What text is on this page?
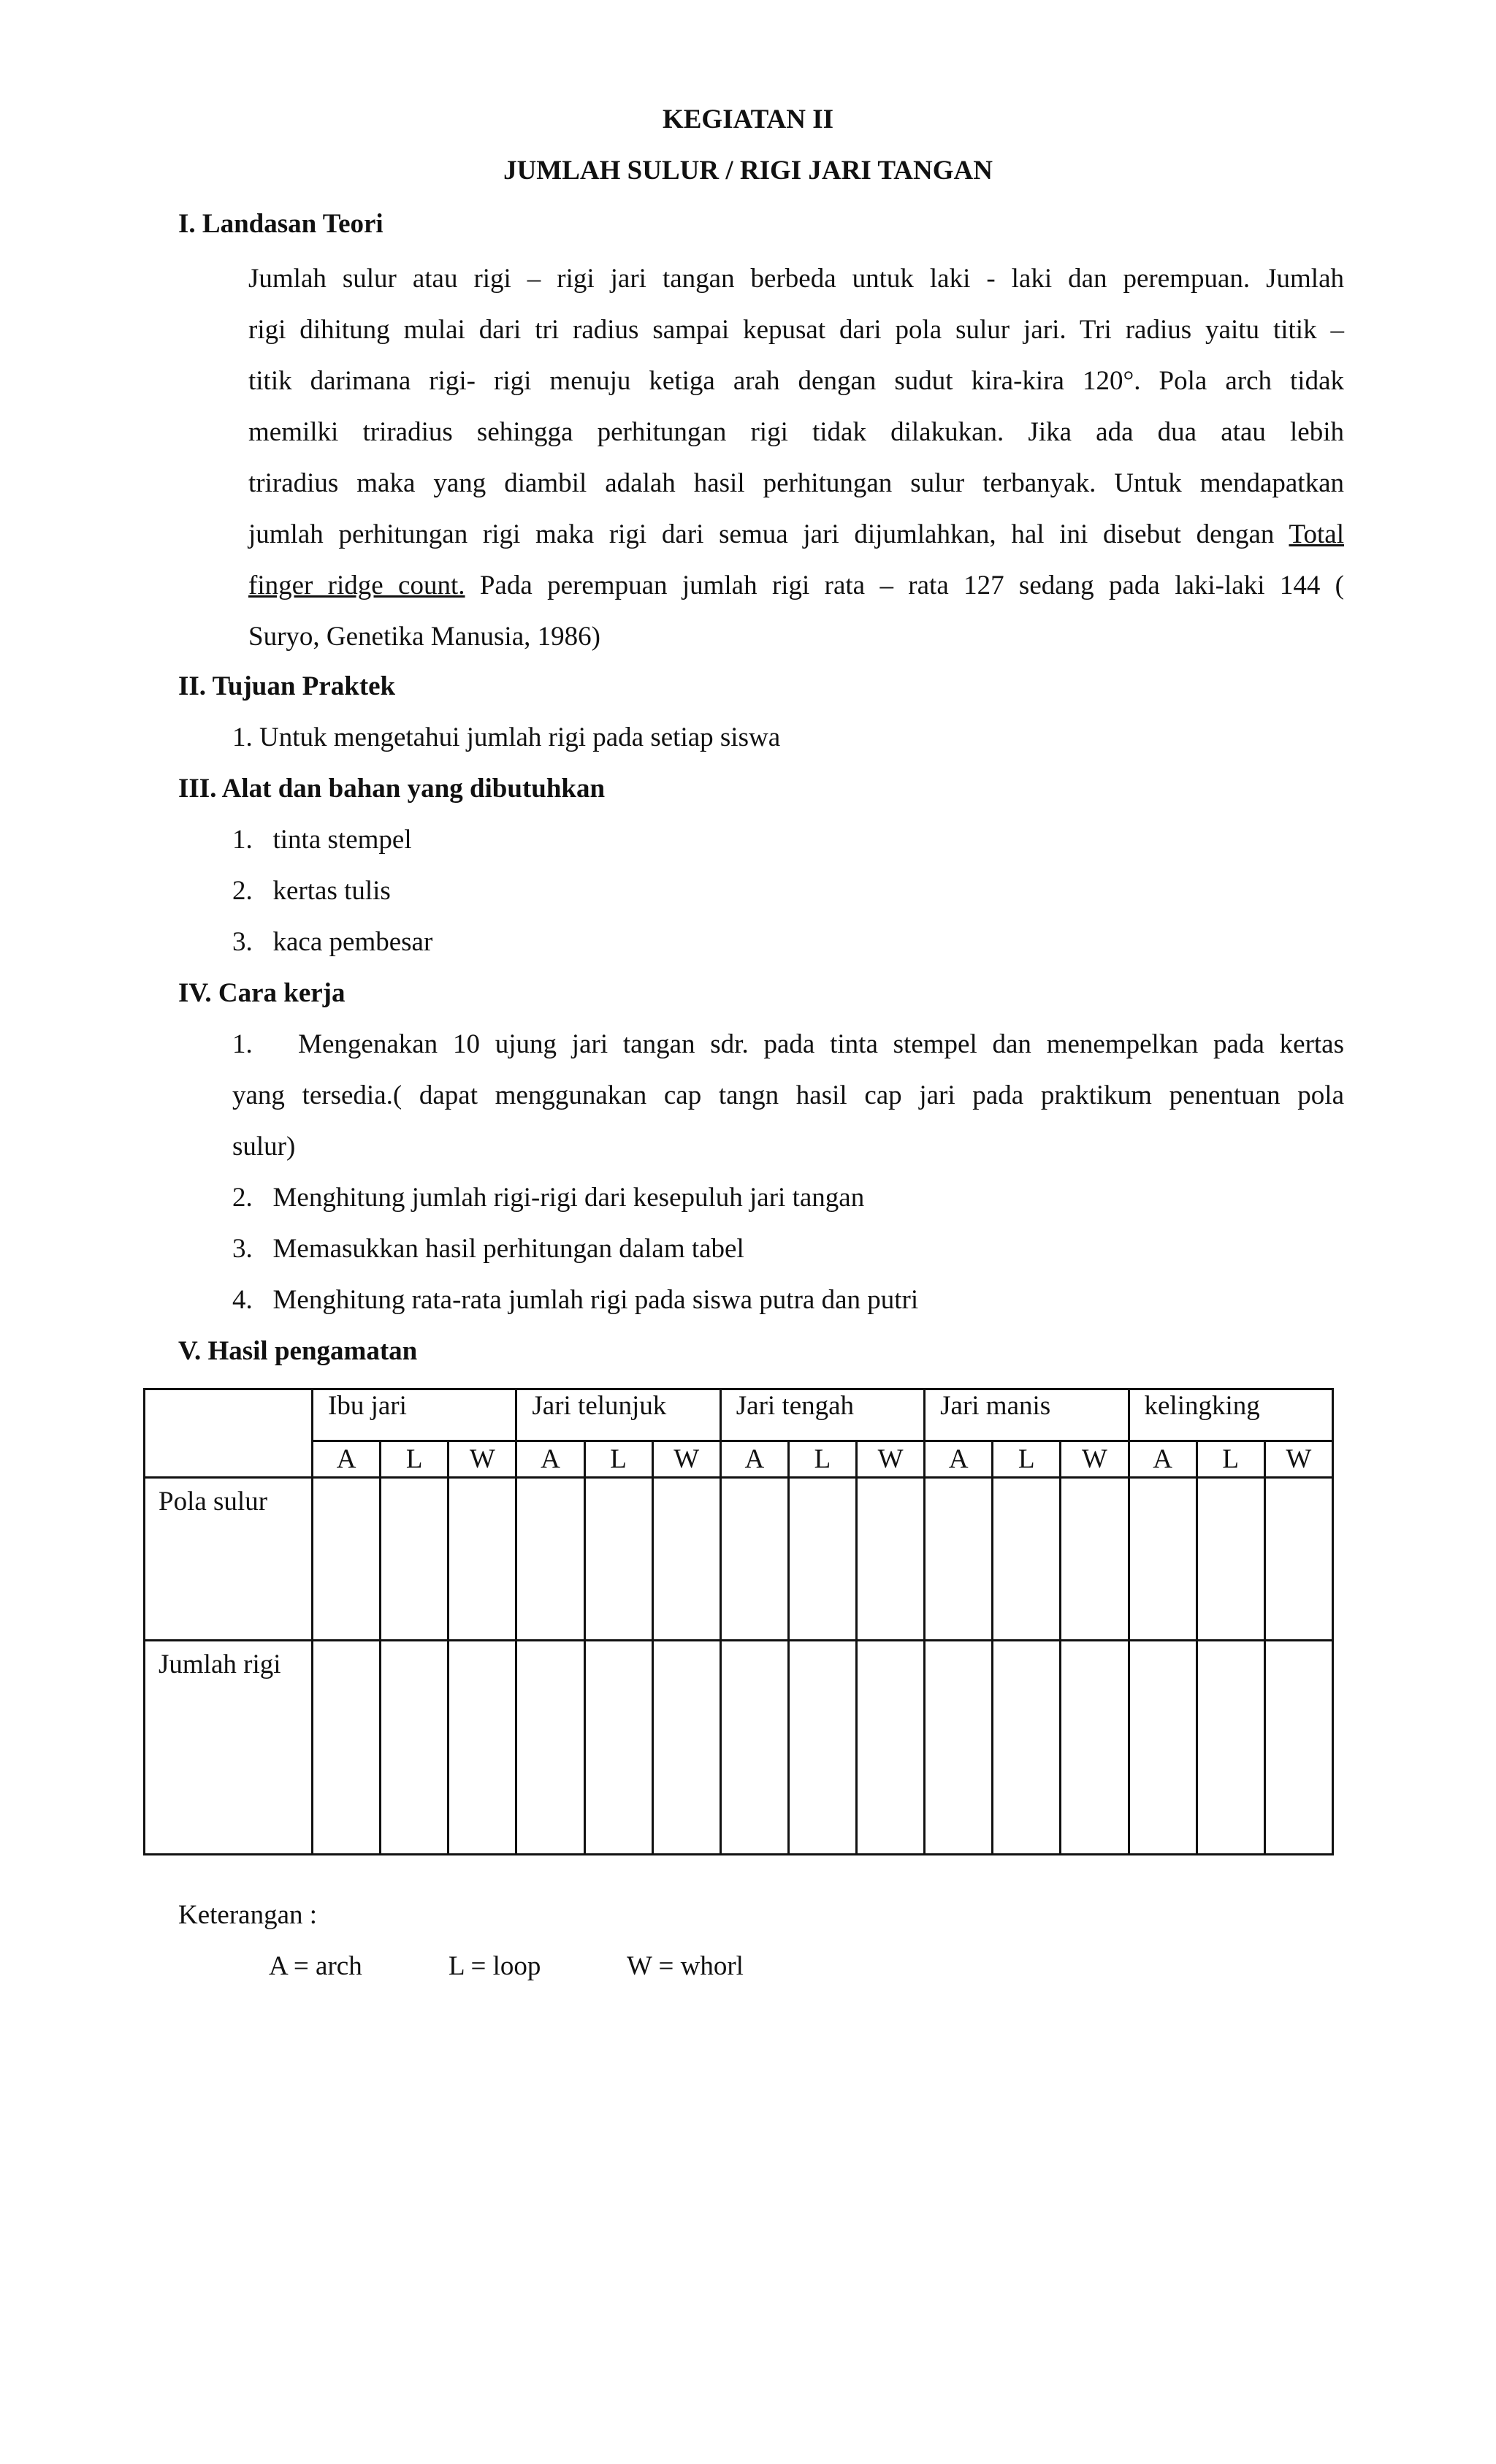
KEGIATAN II
JUMLAH SULUR / RIGI JARI TANGAN
I. Landasan Teori
Jumlah sulur atau rigi – rigi jari tangan berbeda untuk laki - laki dan perempuan. Jumlah
rigi dihitung mulai dari tri radius sampai kepusat dari pola sulur jari. Tri radius yaitu titik –
titik darimana rigi- rigi menuju ketiga arah dengan sudut kira-kira 120°. Pola arch tidak
memilki triradius sehingga perhitungan rigi tidak dilakukan. Jika ada dua atau lebih
triradius maka yang diambil adalah hasil perhitungan sulur terbanyak. Untuk mendapatkan
jumlah perhitungan rigi maka rigi dari semua jari dijumlahkan, hal ini disebut dengan Total
finger ridge count. Pada perempuan jumlah rigi rata – rata 127 sedang pada laki-laki 144 (
Suryo, Genetika Manusia, 1986)
II. Tujuan Praktek
1. Untuk mengetahui jumlah rigi pada setiap siswa
III. Alat dan bahan yang dibutuhkan
1.   tinta stempel
2.   kertas tulis
3.   kaca pembesar
IV. Cara kerja
1.   Mengenakan 10 ujung jari tangan sdr. pada tinta stempel dan menempelkan pada kertas
yang tersedia.( dapat menggunakan cap tangn hasil cap jari pada praktikum penentuan pola
sulur)
2.   Menghitung jumlah rigi-rigi dari kesepuluh jari tangan
3.   Memasukkan hasil perhitungan dalam tabel
4.   Menghitung rata-rata jumlah rigi pada siswa putra dan putri
V. Hasil pengamatan
	Ibu jari			Jari telunjuk			Jari tengah			Jari manis			kelingking		
	A	L	W	A	L	W	A	L	W	A	L	W	A	L	W
Pola sulur															
Jumlah rigi															
Keterangan :
A = arch	L = loop	W = whorl
